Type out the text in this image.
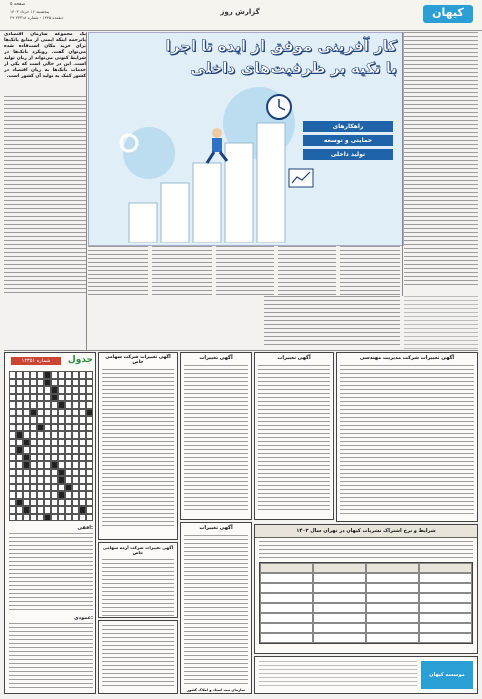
کیهان
گزارش روز
صفحه ۵
پنجشنبه ۱۶ خرداد ۱۴۰۳
۲۹ ذیقعده ۱۴۴۵ - شماره ۲۳۳۱۸
کار آفرینی موفق از ایده تا اجرا
با تکیه بر ظرفیت‌های داخلی
راهکارهای
حمایتی و توسعه
تولید داخلی
یک مجموعه سازمان اقتصادی پاترجمه اینکه ایمنی از منابع بانک‌ها برای خرید مکان است‌فاده شده می‌توان گفت. رویکرد بانک‌ها در شرایط کنونی می‌تواند از زیان تولید است. این در حالی است که یکی از خدمات بانک‌ها به زیان اقتصاد در کشور کمک به تولید آن کشور است.
جدول
شماره ۱۲۳۵۱
افقی:
عمودی:
آگهی تغییرات شرکت سهامی خاص
آگهی تغییرات	آگهی تغییرات	آگهی تغییرات شرکت مدیریت مهندسی
آگهی تغییرات شرکت آرمه سهامی خاص
آگهی تغییرات
سازمان ثبت اسناد و املاک کشور
شرایط و نرخ اشتراک نشریات کیهان در تهران سال ۱۴۰۳
موسسه کیهان
